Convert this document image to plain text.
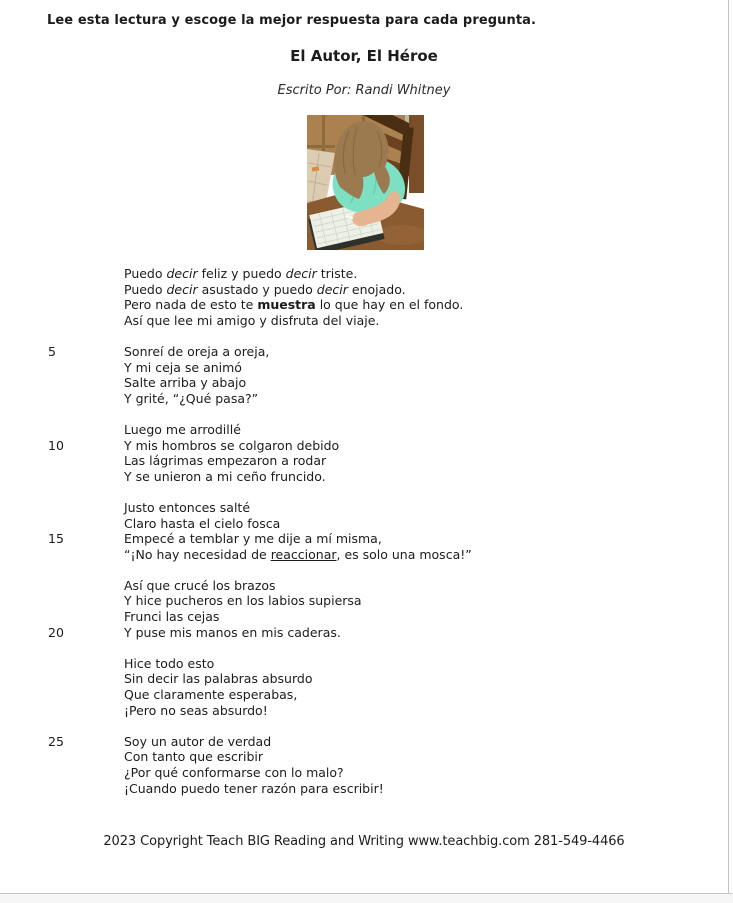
Lee esta lectura y escoge la mejor respuesta para cada pregunta.
El Autor, El Héroe
Escrito Por: Randi Whitney
Puedo decir feliz y puedo decir triste.
Puedo decir asustado y puedo decir enojado.
Pero nada de esto te muestra lo que hay en el fondo.
Así que lee mi amigo y disfruta del viaje.
5	Sonreí de oreja a oreja,
Y mi ceja se animó
Salte arriba y abajo
Y grité, “¿Qué pasa?”
Luego me arrodillé
10	Y mis hombros se colgaron debido
Las lágrimas empezaron a rodar
Y se unieron a mi ceño fruncido.
Justo entonces salté
Claro hasta el cielo fosca
15	Empecé a temblar y me dije a mí misma,
“¡No hay necesidad de reaccionar, es solo una mosca!”
Así que crucé los brazos
Y hice pucheros en los labios supiersa
Frunci las cejas
20	Y puse mis manos en mis caderas.
Hice todo esto
Sin decir las palabras absurdo
Que claramente esperabas,
¡Pero no seas absurdo!
25	Soy un autor de verdad
Con tanto que escribir
¿Por qué conformarse con lo malo?
¡Cuando puedo tener razón para escribir!
2023 Copyright Teach BIG Reading and Writing www.teachbig.com 281-549-4466
